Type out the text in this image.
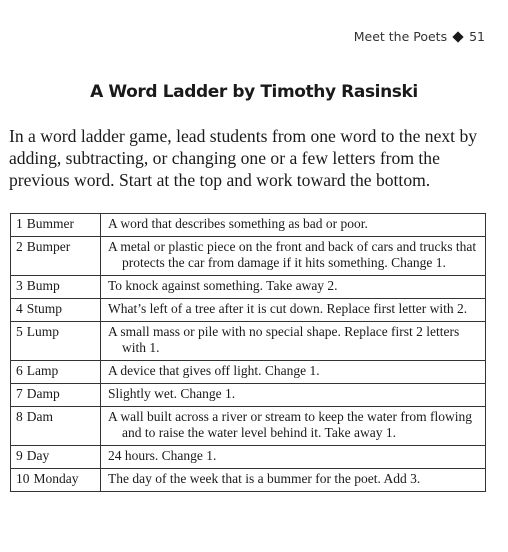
Meet the Poets 51
A Word Ladder by Timothy Rasinski

In a word ladder game, lead students from one word to the next by adding, subtracting, or changing one or a few letters from the previous word. Start at the top and work toward the bottom.

1 Bummer	A word that describes something as bad or poor.

2 Bumper	A metal or plastic piece on the front and back of cars and trucks that protects the car from damage if it hits something. Change 1.

3 Bump	To knock against something. Take away 2.

4 Stump	What’s left of a tree after it is cut down. Replace first letter with 2.

5 Lump	A small mass or pile with no special shape. Replace first 2 letters with 1.

6 Lamp	A device that gives off light. Change 1.

7 Damp	Slightly wet. Change 1.

8 Dam	A wall built across a river or stream to keep the water from flowing and to raise the water level behind it. Take away 1.

9 Day	24 hours. Change 1.

10 Monday	The day of the week that is a bummer for the poet. Add 3.
